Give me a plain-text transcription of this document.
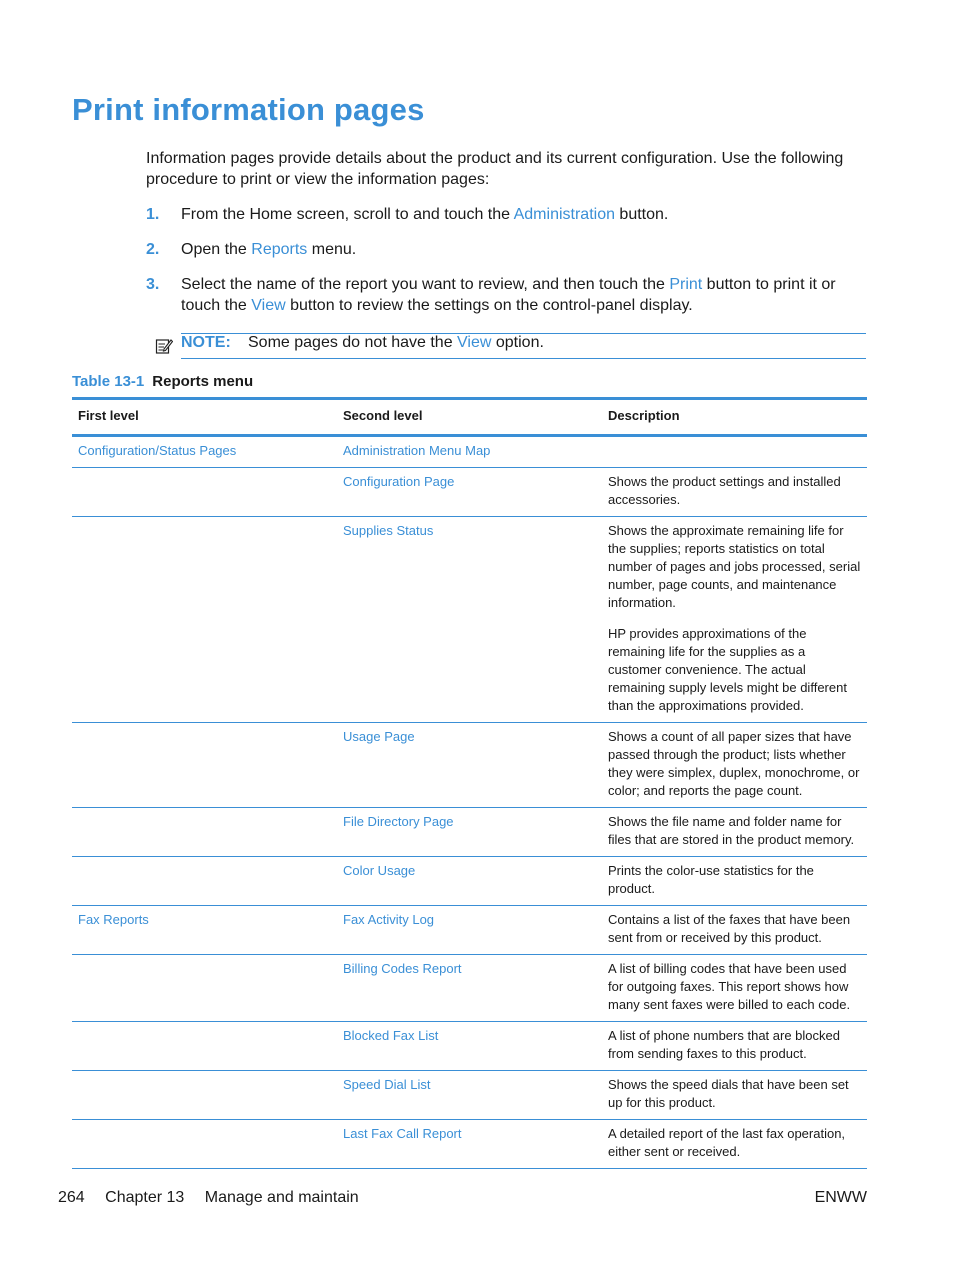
Print information pages

Information pages provide details about the product and its current configuration. Use the following procedure to print or view the information pages:

1. From the Home screen, scroll to and touch the Administration button.
2. Open the Reports menu.
3. Select the name of the report you want to review, and then touch the Print button to print it or touch the View button to review the settings on the control-panel display.
NOTE: Some pages do not have the View option.
Table 13-1 Reports menu
First level	Second level	Description
Configuration/Status Pages	Administration Menu Map	

	Configuration Page	Shows the product settings and installed accessories.

	Supplies Status	Shows the approximate remaining life for the supplies; reports statistics on total number of pages and jobs processed, serial number, page counts, and maintenance information.

HP provides approximations of the remaining life for the supplies as a customer convenience. The actual remaining supply levels might be different than the approximations provided.

	Usage Page	Shows a count of all paper sizes that have passed through the product; lists whether they were simplex, duplex, monochrome, or color; and reports the page count.

	File Directory Page	Shows the file name and folder name for files that are stored in the product memory.

	Color Usage	Prints the color-use statistics for the product.

Fax Reports	Fax Activity Log	Contains a list of the faxes that have been sent from or received by this product.

	Billing Codes Report	A list of billing codes that have been used for outgoing faxes. This report shows how many sent faxes were billed to each code.

	Blocked Fax List	A list of phone numbers that are blocked from sending faxes to this product.

	Speed Dial List	Shows the speed dials that have been set up for this product.

	Last Fax Call Report	A detailed report of the last fax operation, either sent or received.

264 Chapter 13 Manage and maintain	ENWW
